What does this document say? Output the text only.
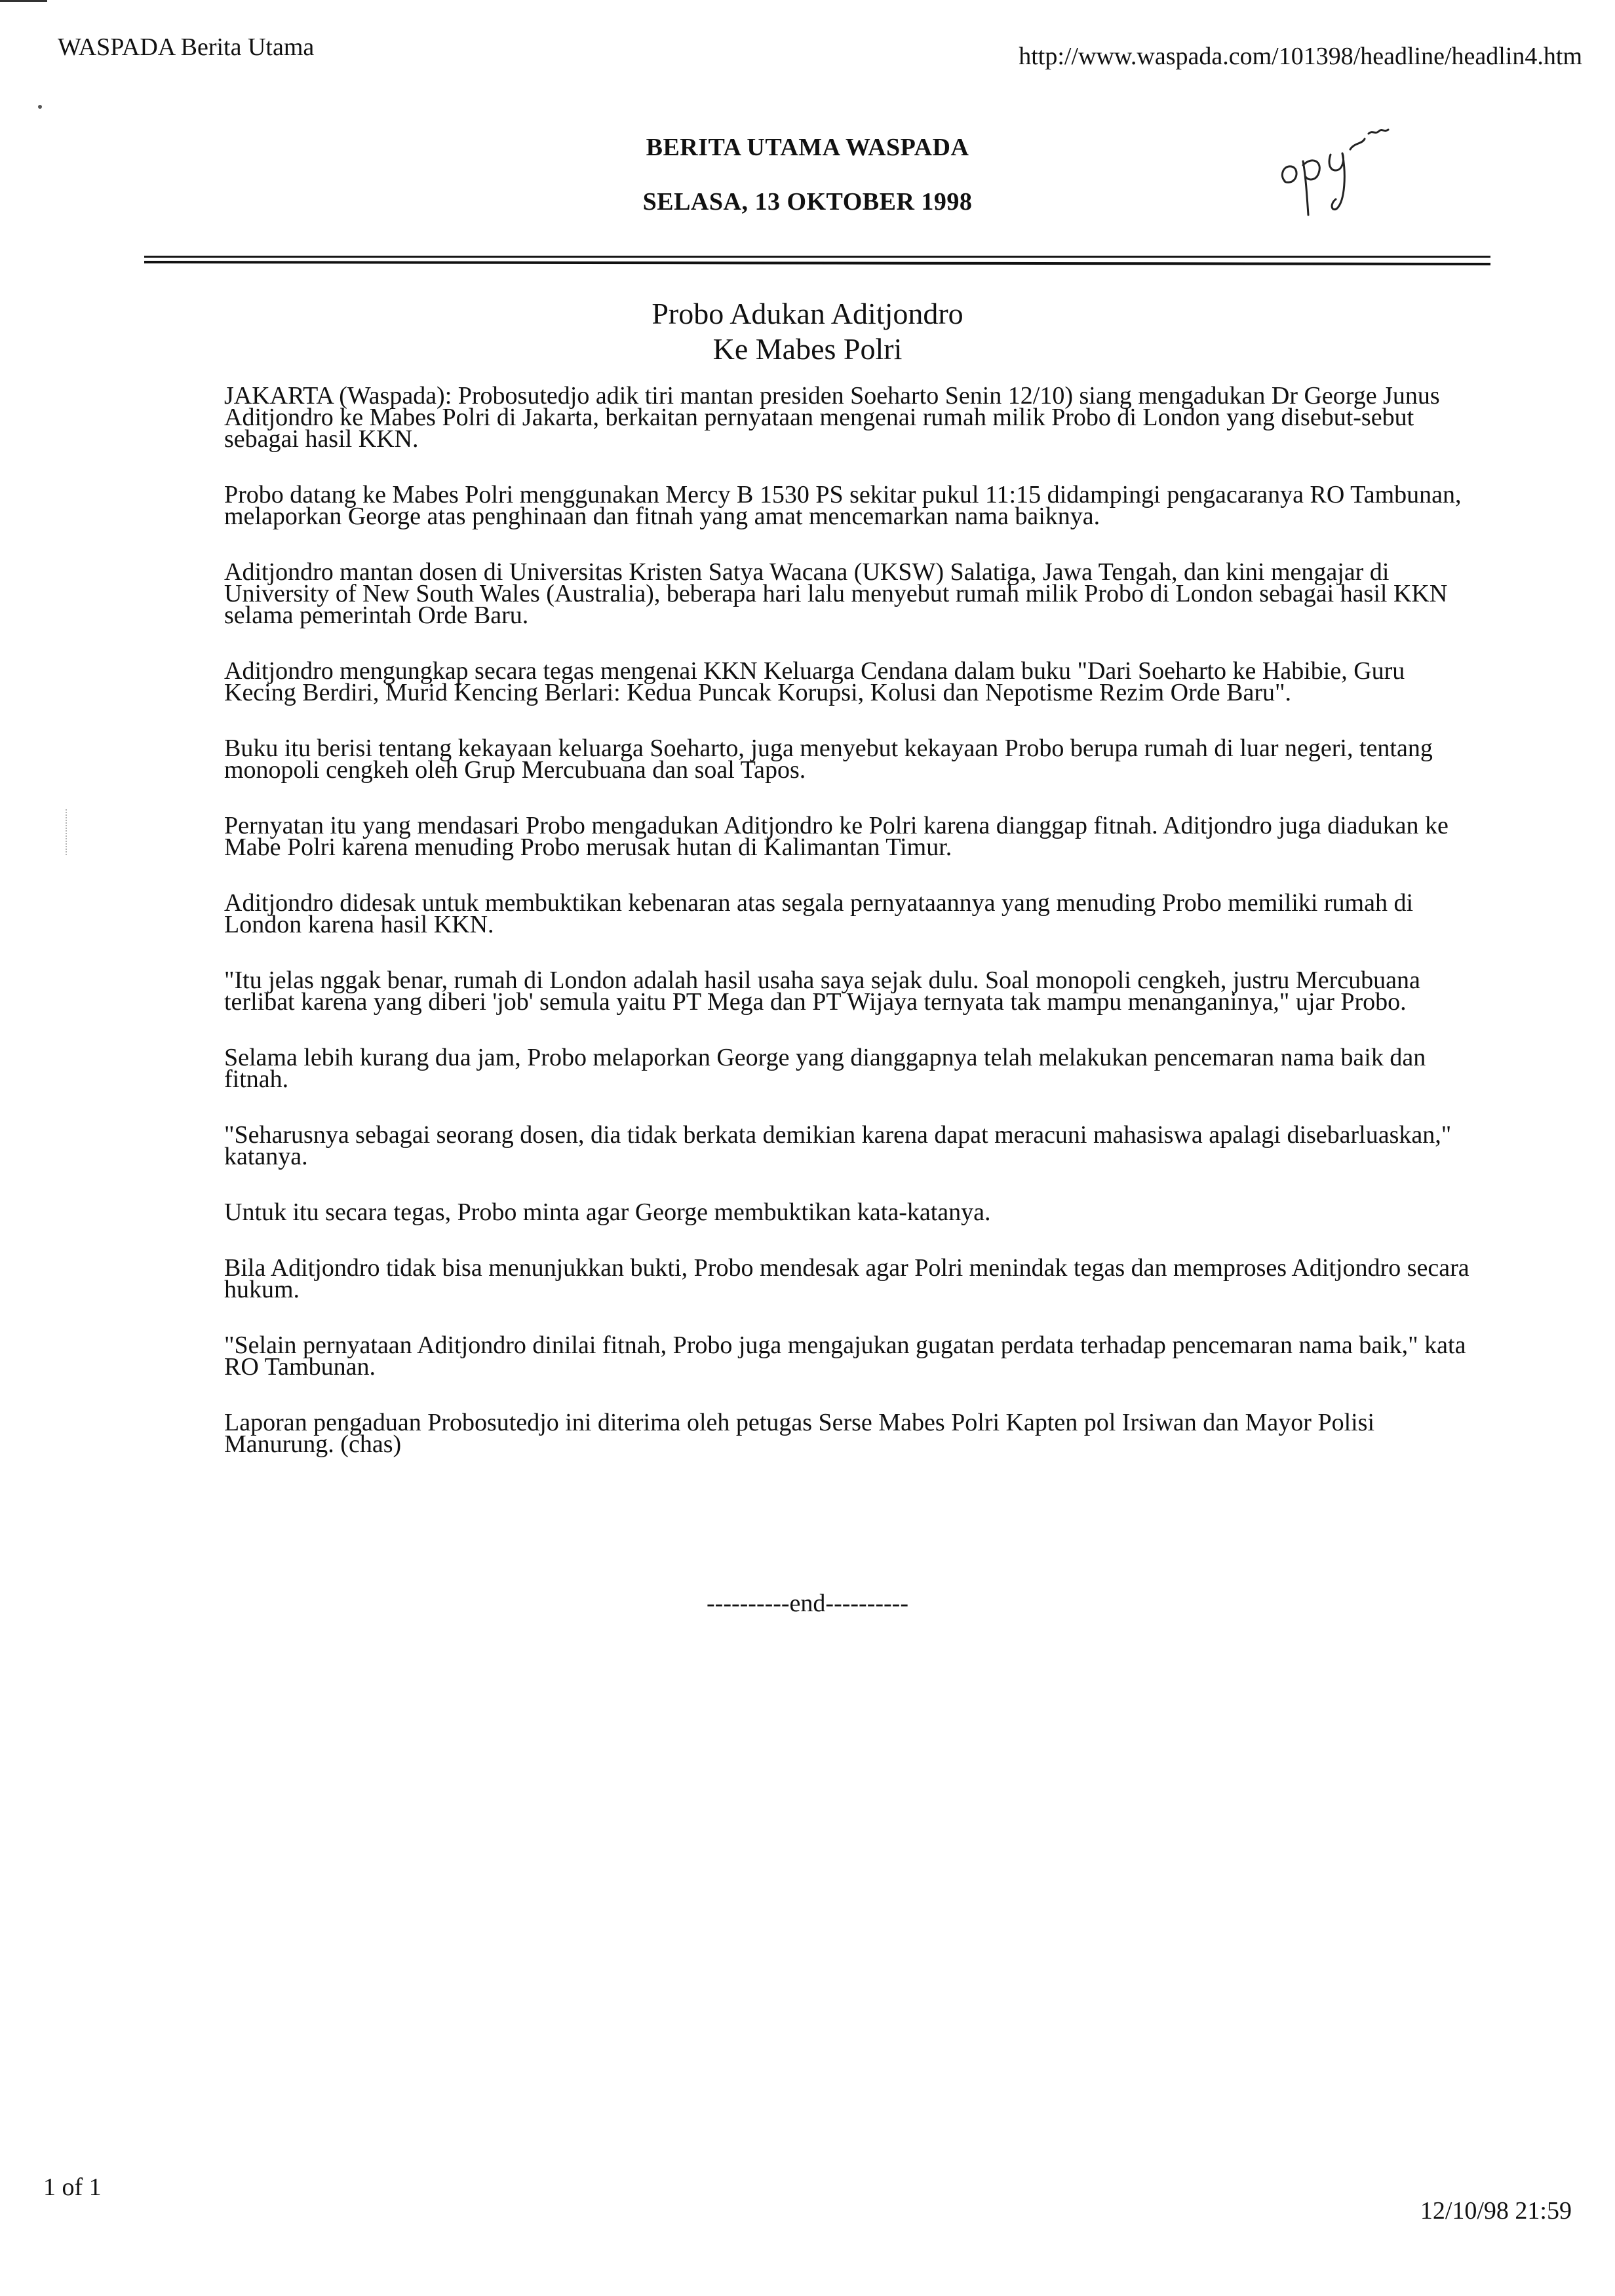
WASPADA Berita Utama	http://www.waspada.com/101398/headline/headlin4.htm
BERITA UTAMA WASPADA
SELASA, 13 OKTOBER 1998
Probo Adukan Aditjondro
Ke Mabes Polri

JAKARTA (Waspada): Probosutedjo adik tiri mantan presiden Soeharto Senin 12/10) siang mengadukan Dr George Junus Aditjondro ke Mabes Polri di Jakarta, berkaitan pernyataan mengenai rumah milik Probo di London yang disebut-sebut sebagai hasil KKN.

Probo datang ke Mabes Polri menggunakan Mercy B 1530 PS sekitar pukul 11:15 didampingi pengacaranya RO Tambunan, melaporkan George atas penghinaan dan fitnah yang amat mencemarkan nama baiknya.

Aditjondro mantan dosen di Universitas Kristen Satya Wacana (UKSW) Salatiga, Jawa Tengah, dan kini mengajar di University of New South Wales (Australia), beberapa hari lalu menyebut rumah milik Probo di London sebagai hasil KKN selama pemerintah Orde Baru.

Aditjondro mengungkap secara tegas mengenai KKN Keluarga Cendana dalam buku "Dari Soeharto ke Habibie, Guru Kecing Berdiri, Murid Kencing Berlari: Kedua Puncak Korupsi, Kolusi dan Nepotisme Rezim Orde Baru".

Buku itu berisi tentang kekayaan keluarga Soeharto, juga menyebut kekayaan Probo berupa rumah di luar negeri, tentang monopoli cengkeh oleh Grup Mercubuana dan soal Tapos.

Pernyatan itu yang mendasari Probo mengadukan Aditjondro ke Polri karena dianggap fitnah. Aditjondro juga diadukan ke Mabe Polri karena menuding Probo merusak hutan di Kalimantan Timur.

Aditjondro didesak untuk membuktikan kebenaran atas segala pernyataannya yang menuding Probo memiliki rumah di London karena hasil KKN.

"Itu jelas nggak benar, rumah di London adalah hasil usaha saya sejak dulu. Soal monopoli cengkeh, justru Mercubuana terlibat karena yang diberi 'job' semula yaitu PT Mega dan PT Wijaya ternyata tak mampu menanganinya," ujar Probo.

Selama lebih kurang dua jam, Probo melaporkan George yang dianggapnya telah melakukan pencemaran nama baik dan fitnah.

"Seharusnya sebagai seorang dosen, dia tidak berkata demikian karena dapat meracuni mahasiswa apalagi disebarluaskan," katanya.

Untuk itu secara tegas, Probo minta agar George membuktikan kata-katanya.

Bila Aditjondro tidak bisa menunjukkan bukti, Probo mendesak agar Polri menindak tegas dan memproses Aditjondro secara hukum.

"Selain pernyataan Aditjondro dinilai fitnah, Probo juga mengajukan gugatan perdata terhadap pencemaran nama baik," kata RO Tambunan.

Laporan pengaduan Probosutedjo ini diterima oleh petugas Serse Mabes Polri Kapten pol Irsiwan dan Mayor Polisi Manurung. (chas)

----------end----------
1 of 1
12/10/98 21:59
